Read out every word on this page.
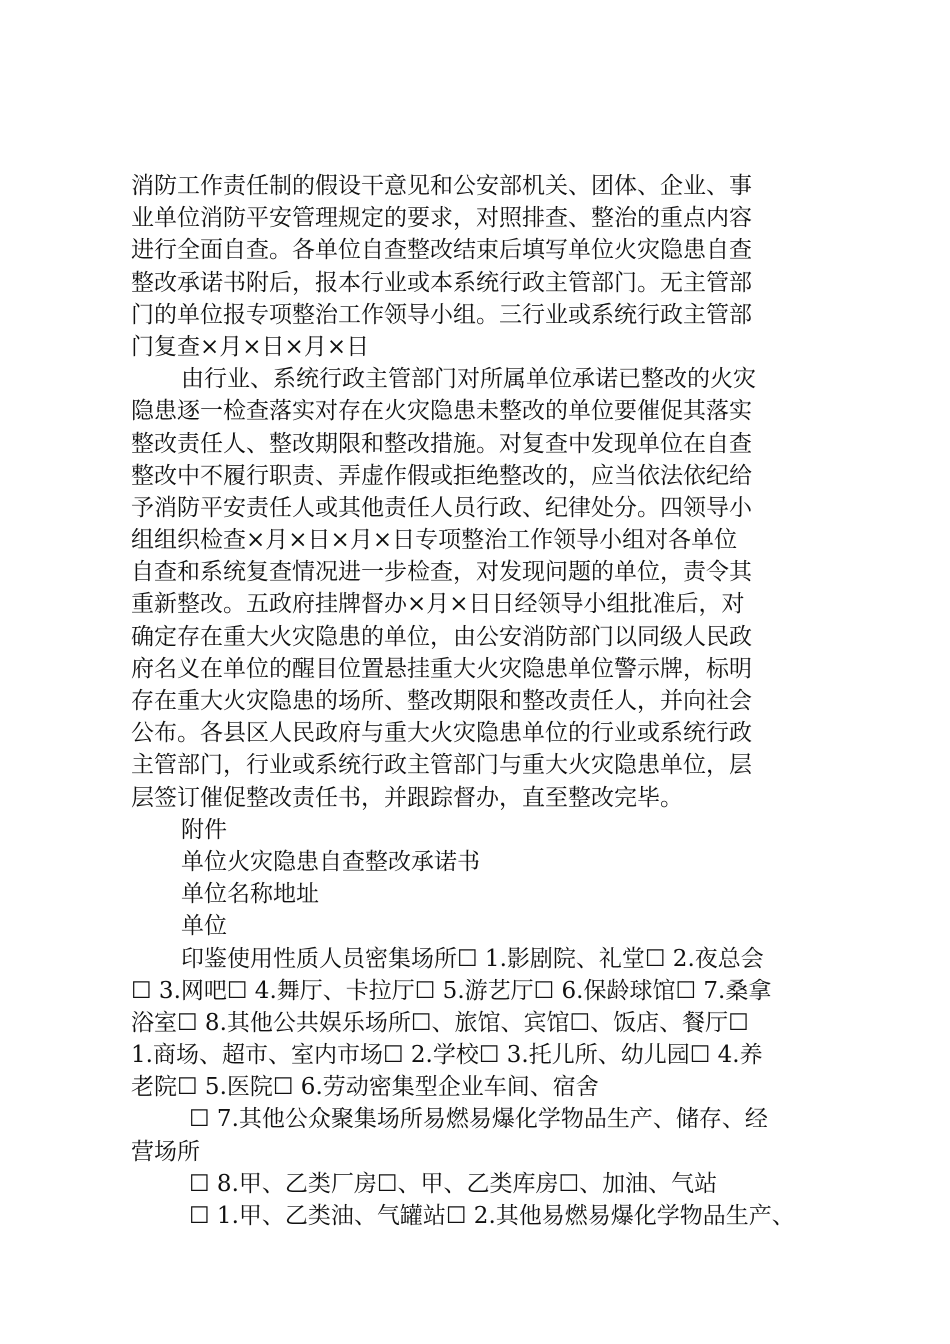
消防工作责任制的假设干意见和公安部机关、团体、企业、事
业单位消防平安管理规定的要求，对照排查、整治的重点内容
进行全面自查。各单位自查整改结束后填写单位火灾隐患自查
整改承诺书附后，报本行业或本系统行政主管部门。无主管部
门的单位报专项整治工作领导小组。三行业或系统行政主管部
门复查×月×日×月×日
由行业、系统行政主管部门对所属单位承诺已整改的火灾
隐患逐一检查落实对存在火灾隐患未整改的单位要催促其落实
整改责任人、整改期限和整改措施。对复查中发现单位在自查
整改中不履行职责、弄虚作假或拒绝整改的，应当依法依纪给
予消防平安责任人或其他责任人员行政、纪律处分。四领导小
组组织检查×月×日×月×日专项整治工作领导小组对各单位
自查和系统复查情况进一步检查，对发现问题的单位，责令其
重新整改。五政府挂牌督办×月×日日经领导小组批准后，对
确定存在重大火灾隐患的单位，由公安消防部门以同级人民政
府名义在单位的醒目位置悬挂重大火灾隐患单位警示牌，标明
存在重大火灾隐患的场所、整改期限和整改责任人，并向社会
公布。各县区人民政府与重大火灾隐患单位的行业或系统行政
主管部门，行业或系统行政主管部门与重大火灾隐患单位，层
层签订催促整改责任书，并跟踪督办，直至整改完毕。
附件
单位火灾隐患自查整改承诺书
单位名称地址
单位
印鉴使用性质人员密集场所☐ 1.影剧院、礼堂☐ 2.夜总会
☐ 3.网吧☐ 4.舞厅、卡拉厅☐ 5.游艺厅☐ 6.保龄球馆☐ 7.桑拿
浴室☐ 8.其他公共娱乐场所☐、旅馆、宾馆☐、饭店、餐厅☐
1.商场、超市、室内市场☐ 2.学校☐ 3.托儿所、幼儿园☐ 4.养
老院☐ 5.医院☐ 6.劳动密集型企业车间、宿舍
☐ 7.其他公众聚集场所易燃易爆化学物品生产、储存、经
营场所
☐ 8.甲、乙类厂房☐、甲、乙类库房☐、加油、气站
☐ 1.甲、乙类油、气罐站☐ 2.其他易燃易爆化学物品生产、
